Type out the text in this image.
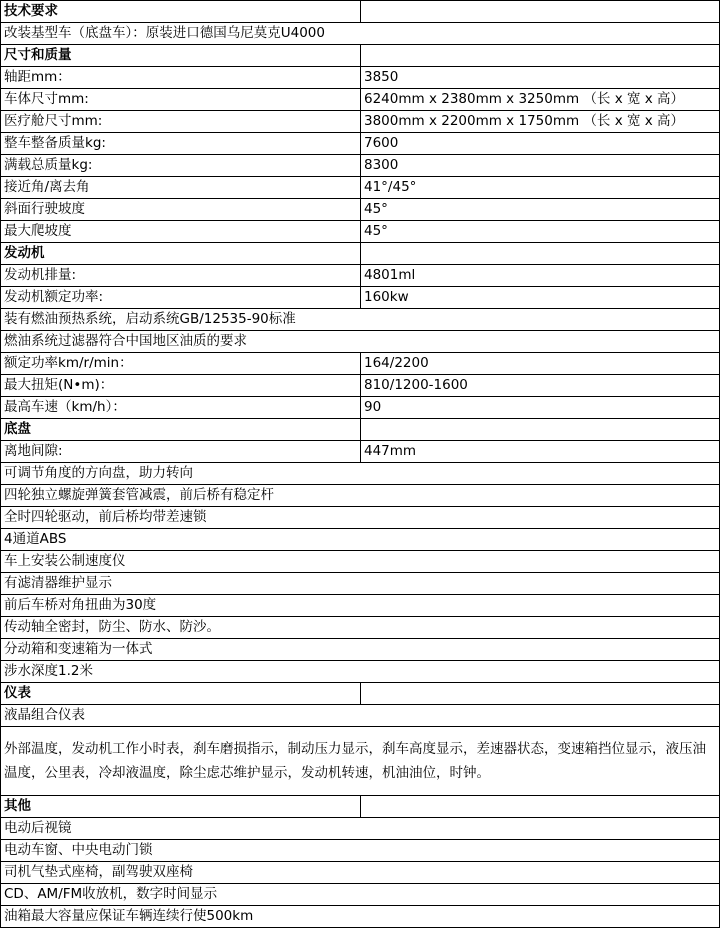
技术要求	
改装基型车（底盘车）：原装进口德国乌尼莫克U4000	
尺寸和质量	
轴距mm：	3850
车体尺寸mm:	6240mm x 2380mm x 3250mm （长 x 宽 x 高）
医疗舱尺寸mm:	3800mm x 2200mm x 1750mm （长 x 宽 x 高）
整车整备质量kg:	7600
满载总质量kg:	8300
接近角/离去角	41°/45°
斜面行驶坡度	45°
最大爬坡度	45°
发动机	
发动机排量:	4801ml
发动机额定功率:	160kw
装有燃油预热系统，启动系统GB/12535-90标准	
燃油系统过滤器符合中国地区油质的要求	
额定功率km/r/min：	164/2200
最大扭矩(N•m)：	810/1200-1600
最高车速（km/h）：	90
底盘	
离地间隙:	447mm
可调节角度的方向盘，助力转向	
四轮独立螺旋弹簧套管减震，前后桥有稳定杆	
全时四轮驱动，前后桥均带差速锁	
4通道ABS	
车上安装公制速度仪	
有滤清器维护显示	
前后车桥对角扭曲为30度	
传动轴全密封，防尘、防水、防沙。	
分动箱和变速箱为一体式	
涉水深度1.2米	
仪表	
液晶组合仪表	
外部温度，发动机工作小时表，刹车磨损指示，制动压力显示，刹车高度显示，差速器状态，变速箱挡位显示，液压油温度，公里表，冷却液温度，除尘虑芯维护显示，发动机转速，机油油位，时钟。	
其他	
电动后视镜	
电动车窗、中央电动门锁	
司机气垫式座椅，副驾驶双座椅	
CD、AM/FM收放机，数字时间显示	
油箱最大容量应保证车辆连续行使500km	
